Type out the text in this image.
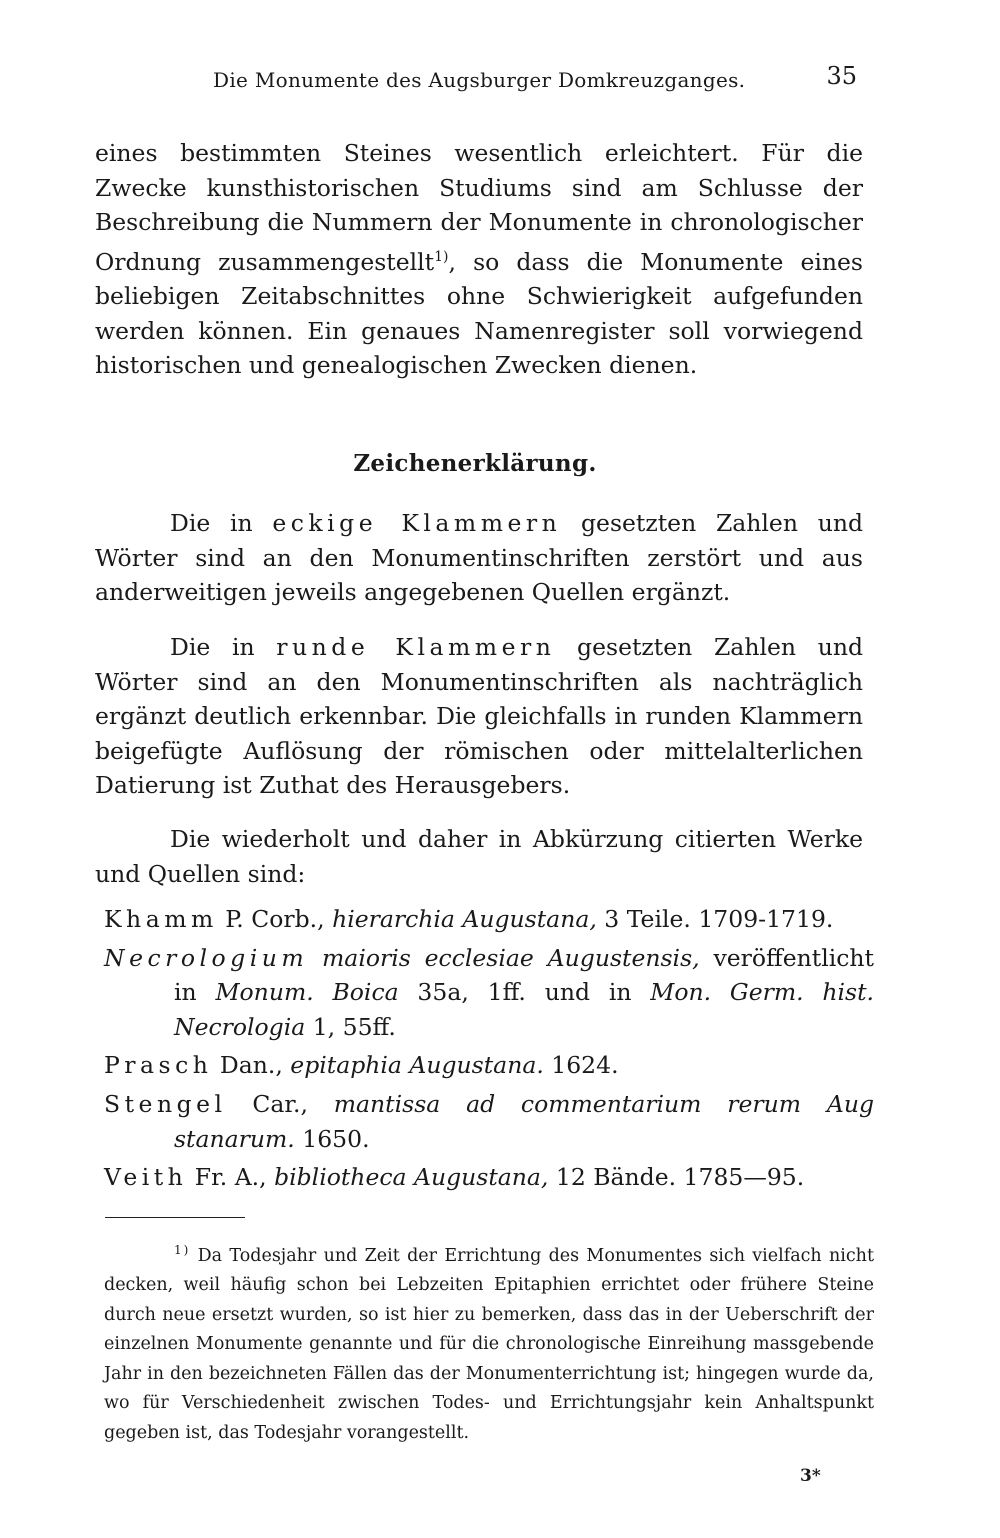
Die Monumente des Augsburger Domkreuzganges.	35

eines bestimmten Steines wesentlich erleichtert. Für die Zwecke kunsthistorischen Studiums sind am Schlusse der Beschreibung die Nummern der Monumente in chronologischer Ordnung zusammengestellt$^{1)}$, so dass die Monumente eines beliebigen Zeitabschnittes ohne Schwierigkeit aufgefunden werden können. Ein genaues Namenregister soll vorwiegend historischen und genealogischen Zwecken dienen.

Zeichenerklärung.

Die in eckige Klammern gesetzten Zahlen und Wörter sind an den Monumentinschriften zerstört und aus anderweitigen jeweils angegebenen Quellen ergänzt.

Die in runde Klammern gesetzten Zahlen und Wörter sind an den Monumentinschriften als nachträglich ergänzt deutlich erkennbar. Die gleichfalls in runden Klammern beigefügte Auflösung der römischen oder mittelalterlichen Datierung ist Zuthat des Herausgebers.

Die wiederholt und daher in Abkürzung citierten Werke und Quellen sind:

Khamm P. Corb., hierarchia Augustana, 3 Teile. 1709-1719.

Necrologium maioris ecclesiae Augustensis, veröffentlicht in Monum. Boica 35a, 1ff. und in Mon. Germ. hist. Necrologia 1, 55ff.

Prasch Dan., epitaphia Augustana. 1624.

Stengel Car., mantissa ad commentarium rerum Aug stanarum. 1650.

Veith Fr. A., bibliotheca Augustana, 12 Bände. 1785—95.

$^{1)}$ Da Todesjahr und Zeit der Errichtung des Monumentes sich vielfach nicht decken, weil häufig schon bei Lebzeiten Epitaphien errichtet oder frühere Steine durch neue ersetzt wurden, so ist hier zu bemerken, dass das in der Ueberschrift der einzelnen Monumente genannte und für die chronologische Einreihung massgebende Jahr in den bezeichneten Fällen das der Monumenterrichtung ist; hingegen wurde da, wo für Verschiedenheit zwischen Todes- und Errichtungsjahr kein Anhaltspunkt gegeben ist, das Todesjahr vorangestellt.

3*
